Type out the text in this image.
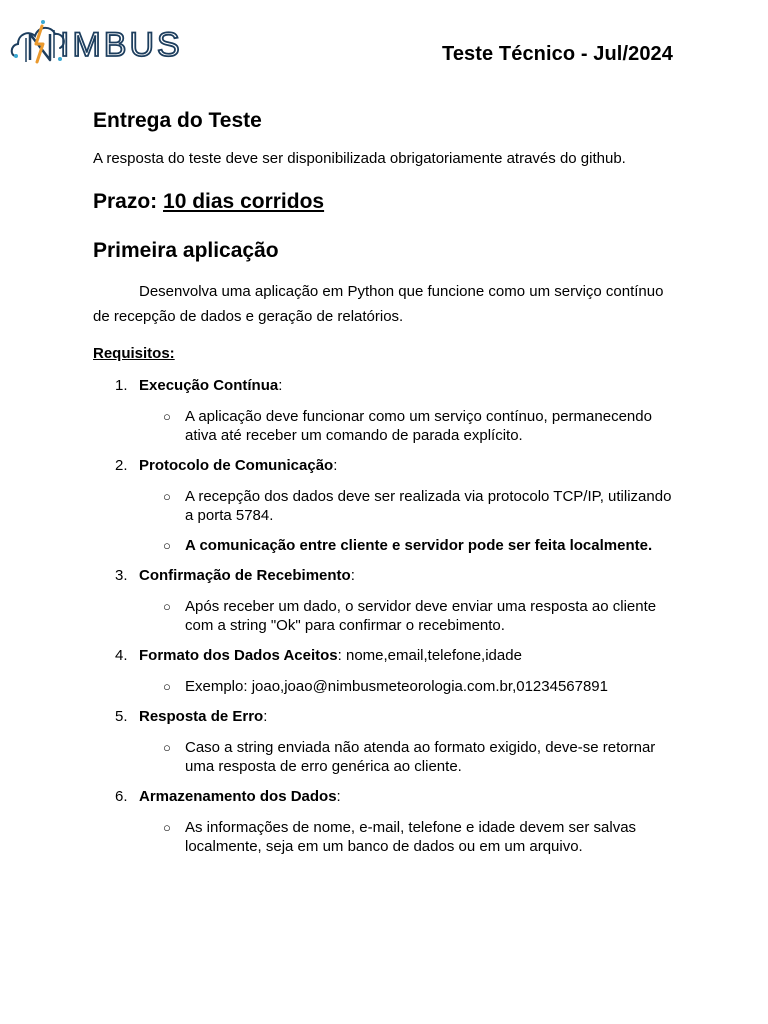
IMBUS	Teste Técnico - Jul/2024
Entrega do Teste

A resposta do teste deve ser disponibilizada obrigatoriamente através do github.

Prazo: 10 dias corridos
Primeira aplicação

Desenvolva uma aplicação em Python que funcione como um serviço contínuo de recepção de dados e geração de relatórios.

Requisitos:

1. Execução Contínua:
○ A aplicação deve funcionar como um serviço contínuo, permanecendo ativa até receber um comando de parada explícito.
2. Protocolo de Comunicação:
○ A recepção dos dados deve ser realizada via protocolo TCP/IP, utilizando a porta 5784.
○ A comunicação entre cliente e servidor pode ser feita localmente.
3. Confirmação de Recebimento:
○ Após receber um dado, o servidor deve enviar uma resposta ao cliente com a string "Ok" para confirmar o recebimento.
4. Formato dos Dados Aceitos: nome,email,telefone,idade
○ Exemplo: joao,joao@nimbusmeteorologia.com.br,01234567891
5. Resposta de Erro:
○ Caso a string enviada não atenda ao formato exigido, deve-se retornar uma resposta de erro genérica ao cliente.
6. Armazenamento dos Dados:
○ As informações de nome, e-mail, telefone e idade devem ser salvas localmente, seja em um banco de dados ou em um arquivo.
